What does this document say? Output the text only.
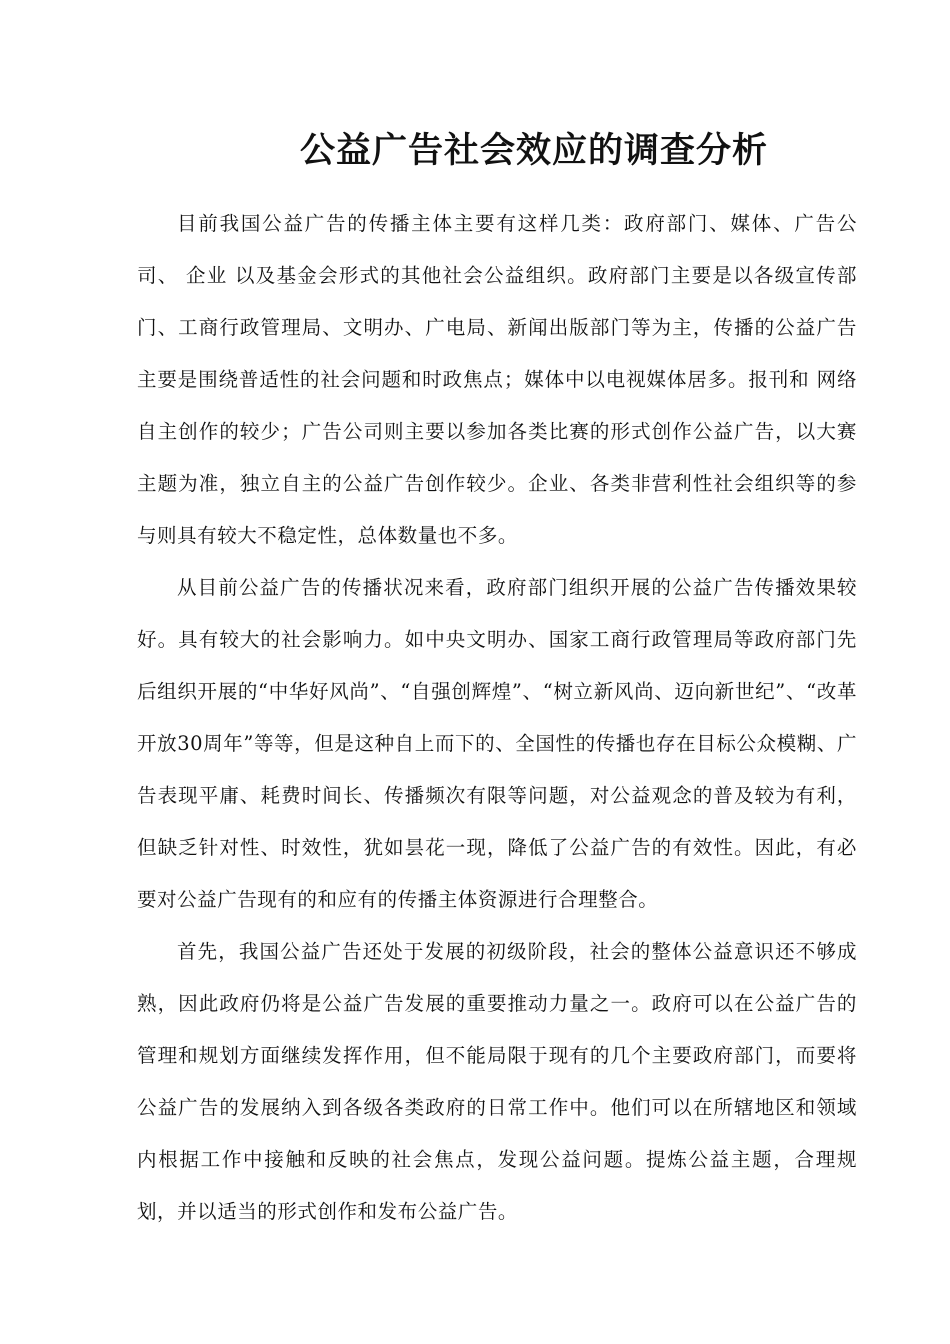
公益广告社会效应的调查分析

目前我国公益广告的传播主体主要有这样几类：政府部门、媒体、广告公司、 企业 以及基金会形式的其他社会公益组织。政府部门主要是以各级宣传部门、工商行政管理局、文明办、广电局、新闻出版部门等为主，传播的公益广告主要是围绕普适性的社会问题和时政焦点；媒体中以电视媒体居多。报刊和 网络 自主创作的较少；广告公司则主要以参加各类比赛的形式创作公益广告，以大赛主题为准，独立自主的公益广告创作较少。企业、各类非营利性社会组织等的参与则具有较大不稳定性，总体数量也不多。

从目前公益广告的传播状况来看，政府部门组织开展的公益广告传播效果较好。具有较大的社会影响力。如中央文明办、国家工商行政管理局等政府部门先后组织开展的“中华好风尚”、“自强创辉煌”、“树立新风尚、迈向新世纪”、“改革开放30周年”等等，但是这种自上而下的、全国性的传播也存在目标公众模糊、广告表现平庸、耗费时间长、传播频次有限等问题，对公益观念的普及较为有利，但缺乏针对性、时效性，犹如昙花一现，降低了公益广告的有效性。因此，有必要对公益广告现有的和应有的传播主体资源进行合理整合。

首先，我国公益广告还处于发展的初级阶段，社会的整体公益意识还不够成熟，因此政府仍将是公益广告发展的重要推动力量之一。政府可以在公益广告的管理和规划方面继续发挥作用，但不能局限于现有的几个主要政府部门，而要将公益广告的发展纳入到各级各类政府的日常工作中。他们可以在所辖地区和领域内根据工作中接触和反映的社会焦点，发现公益问题。提炼公益主题，合理规划，并以适当的形式创作和发布公益广告。
